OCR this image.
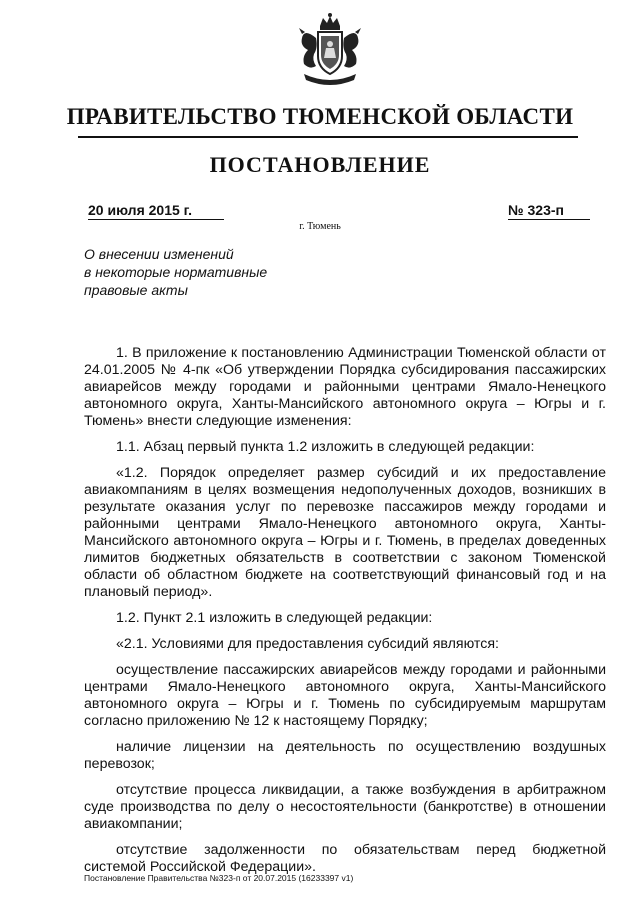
ПРАВИТЕЛЬСТВО ТЮМЕНСКОЙ ОБЛАСТИ
ПОСТАНОВЛЕНИЕ
20 июля 2015 г.	№ 323-п
г. Тюмень
О внесении изменений
в некоторые нормативные
правовые акты

1. В приложение к постановлению Администрации Тюменской области от 24.01.2005 № 4-пк «Об утверждении Порядка субсидирования пассажирских авиарейсов между городами и районными центрами Ямало-Ненецкого автономного округа, Ханты-Мансийского автономного округа – Югры и г. Тюмень» внести следующие изменения:

1.1. Абзац первый пункта 1.2 изложить в следующей редакции:

«1.2. Порядок определяет размер субсидий и их предоставление авиакомпаниям в целях возмещения недополученных доходов, возникших в результате оказания услуг по перевозке пассажиров между городами и районными центрами Ямало-Ненецкого автономного округа, Ханты-Мансийского автономного округа – Югры и г. Тюмень, в пределах доведенных лимитов бюджетных обязательств в соответствии с законом Тюменской области об областном бюджете на соответствующий финансовый год и на плановый период».

1.2. Пункт 2.1 изложить в следующей редакции:

«2.1. Условиями для предоставления субсидий являются:

осуществление пассажирских авиарейсов между городами и районными центрами Ямало-Ненецкого автономного округа, Ханты-Мансийского автономного округа – Югры и г. Тюмень по субсидируемым маршрутам согласно приложению № 12 к настоящему Порядку;

наличие лицензии на деятельность по осуществлению воздушных перевозок;

отсутствие процесса ликвидации, а также возбуждения в арбитражном суде производства по делу о несостоятельности (банкротстве) в отношении авиакомпании;

отсутствие задолженности по обязательствам перед бюджетной системой Российской Федерации».

Постановление Правительства №323-п от 20.07.2015 (16233397 v1)
